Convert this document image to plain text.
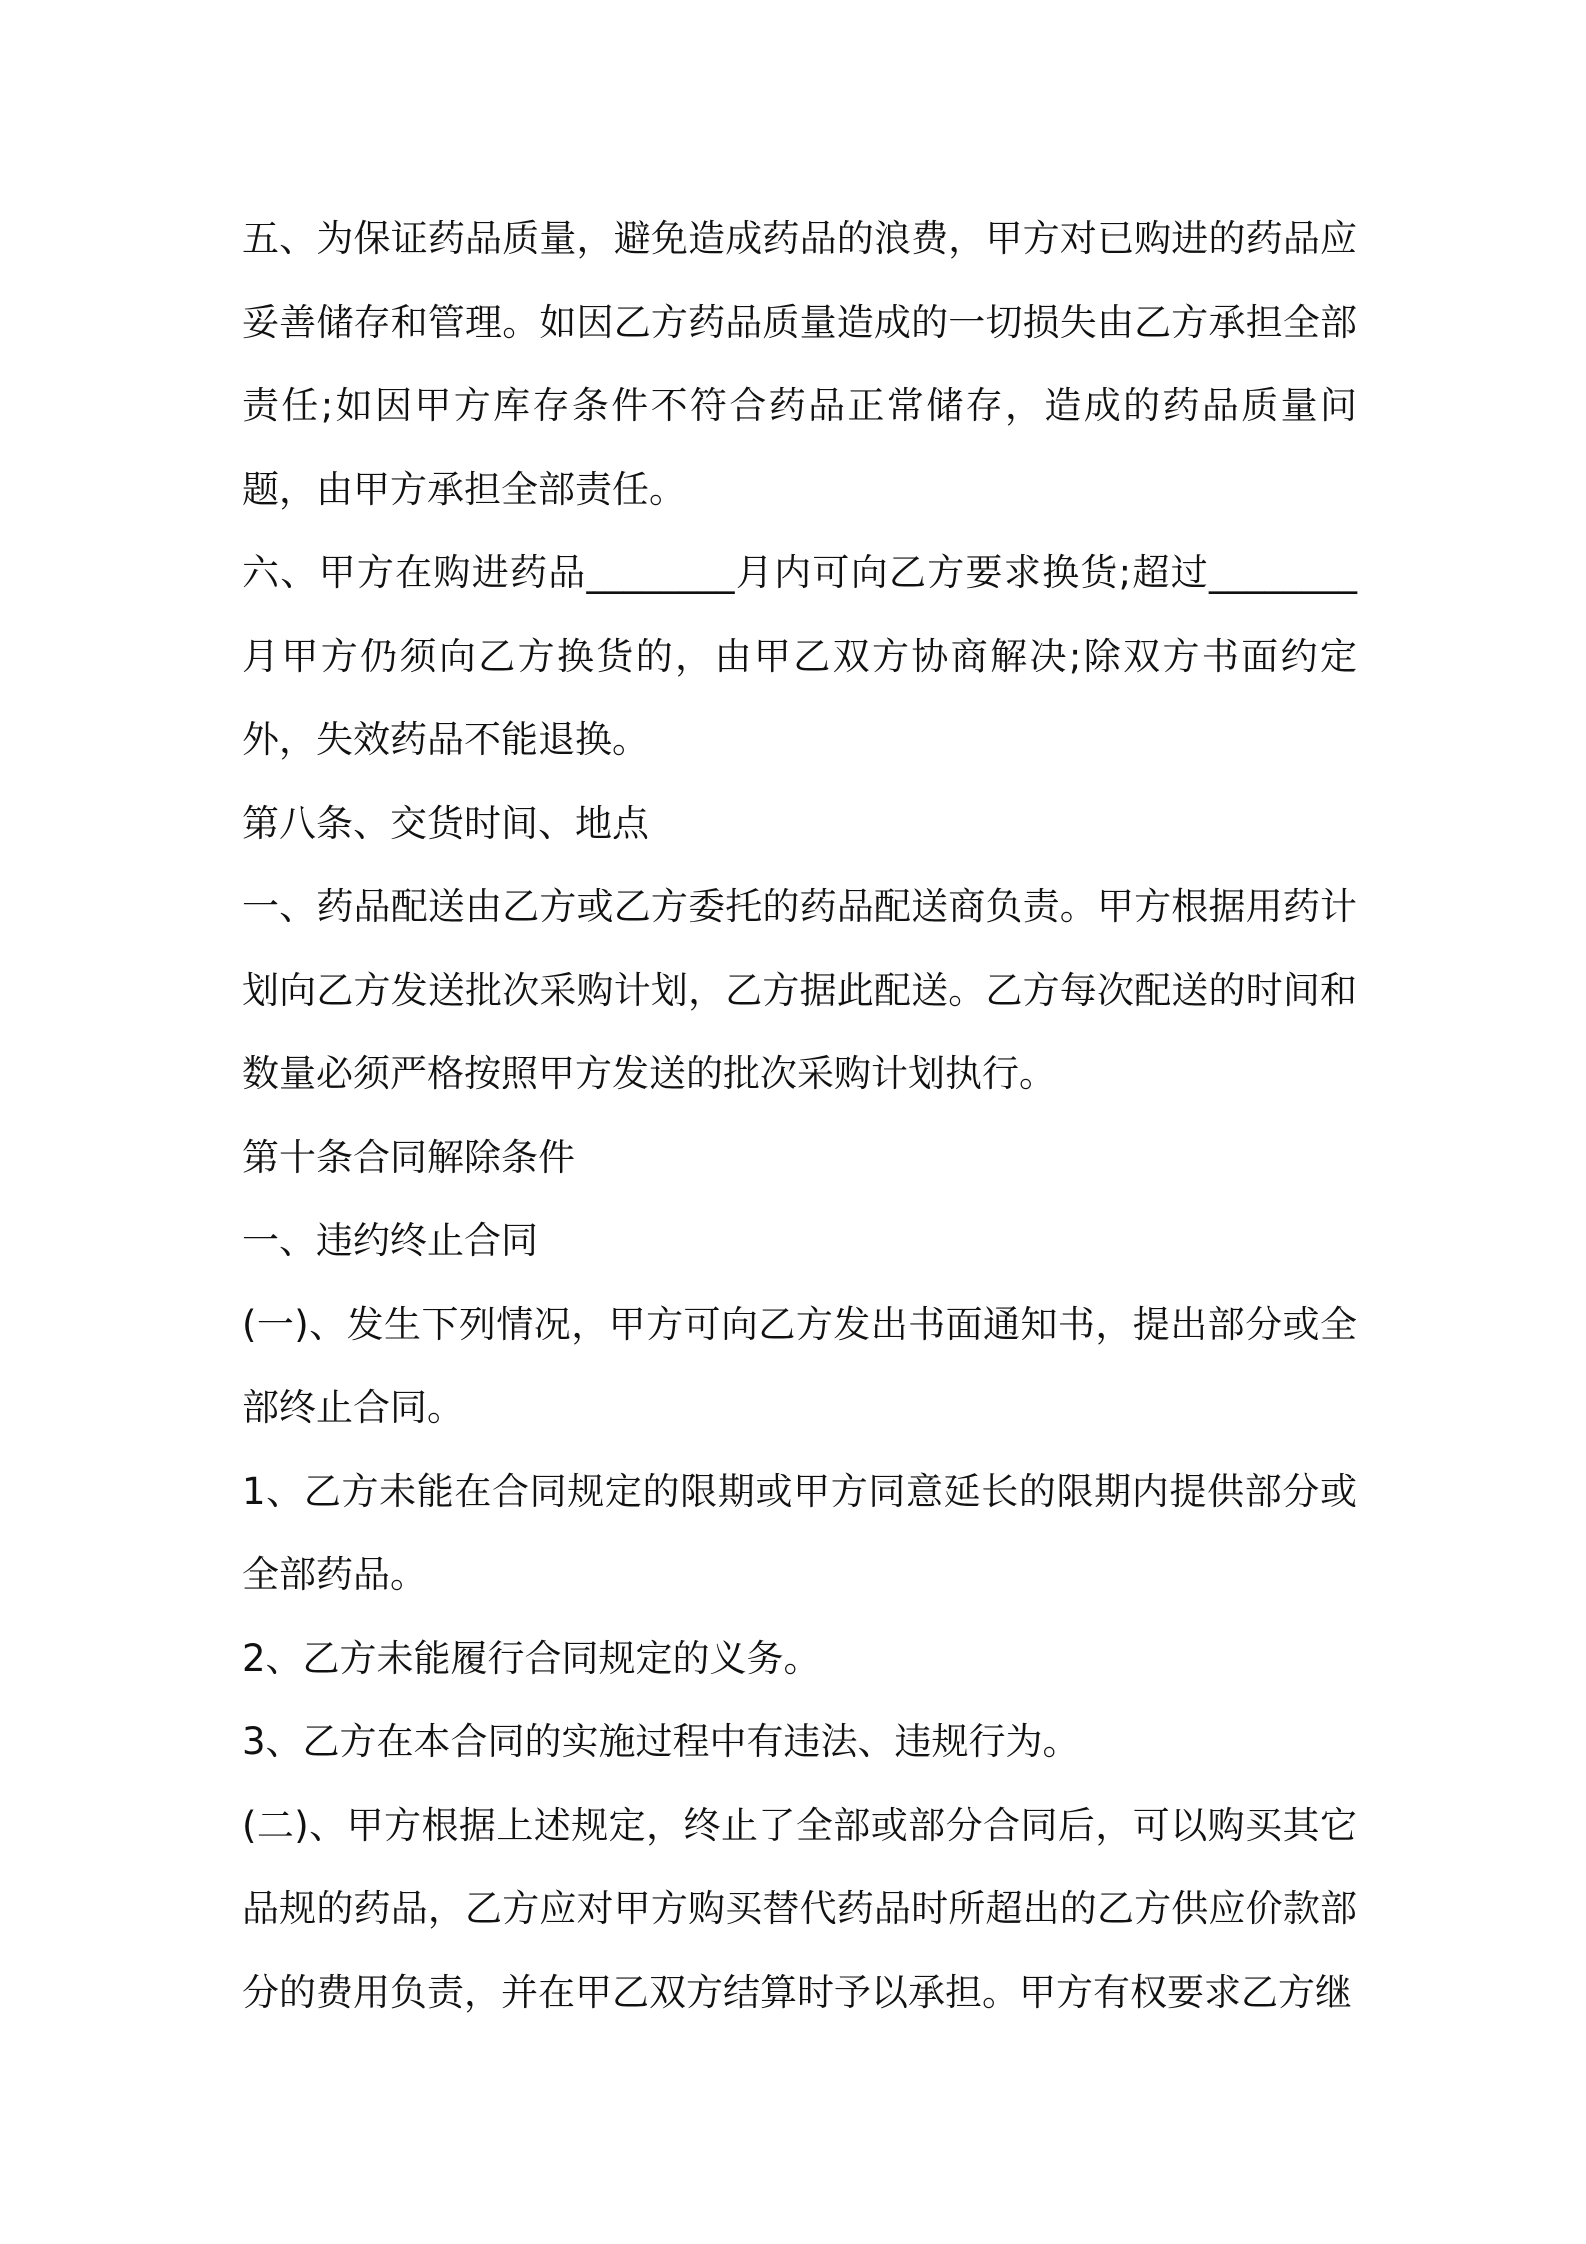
五、为保证药品质量，避免造成药品的浪费，甲方对已购进的药品应妥善储存和管理。如因乙方药品质量造成的一切损失由乙方承担全部责任;如因甲方库存条件不符合药品正常储存，造成的药品质量问题，由甲方承担全部责任。

六、甲方在购进药品________月内可向乙方要求换货;超过________月甲方仍须向乙方换货的，由甲乙双方协商解决;除双方书面约定外，失效药品不能退换。

第八条、交货时间、地点

一、药品配送由乙方或乙方委托的药品配送商负责。甲方根据用药计划向乙方发送批次采购计划，乙方据此配送。乙方每次配送的时间和数量必须严格按照甲方发送的批次采购计划执行。

第十条合同解除条件

一、违约终止合同

(一)、发生下列情况，甲方可向乙方发出书面通知书，提出部分或全部终止合同。

1、乙方未能在合同规定的限期或甲方同意延长的限期内提供部分或全部药品。

2、乙方未能履行合同规定的义务。

3、乙方在本合同的实施过程中有违法、违规行为。

(二)、甲方根据上述规定，终止了全部或部分合同后，可以购买其它品规的药品，乙方应对甲方购买替代药品时所超出的乙方供应价款部分的费用负责，并在甲乙双方结算时予以承担。甲方有权要求乙方继
